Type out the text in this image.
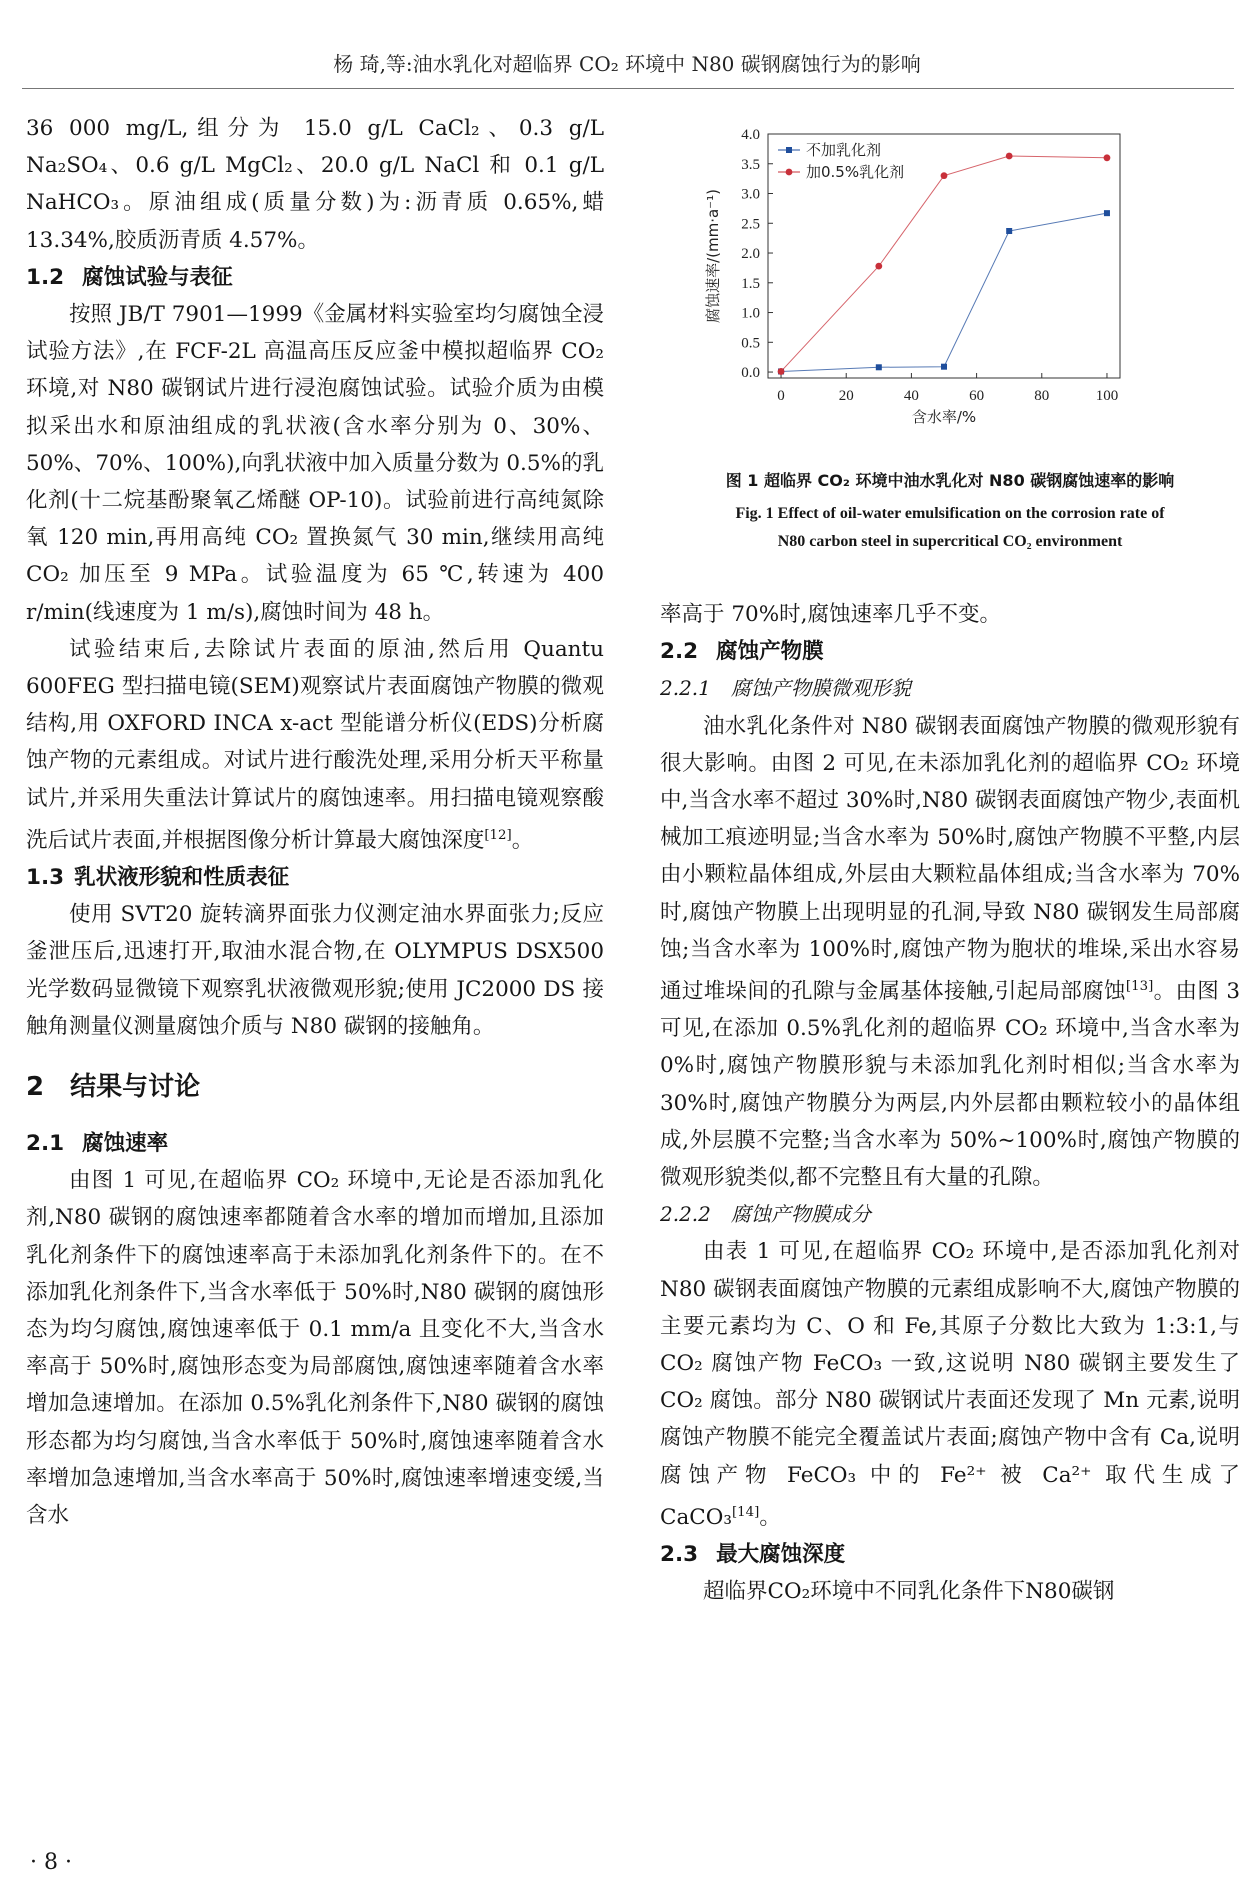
杨 琦,等:油水乳化对超临界 CO₂ 环境中 N80 碳钢腐蚀行为的影响

36 000 mg/L,组分为 15.0 g/L CaCl₂、0.3 g/L Na₂SO₄、0.6 g/L MgCl₂、20.0 g/L NaCl 和 0.1 g/L NaHCO₃。原油组成(质量分数)为:沥青质 0.65%,蜡 13.34%,胶质沥青质 4.57%。

1.2 腐蚀试验与表征

按照 JB/T 7901—1999《金属材料实验室均匀腐蚀全浸试验方法》,在 FCF-2L 高温高压反应釜中模拟超临界 CO₂ 环境,对 N80 碳钢试片进行浸泡腐蚀试验。试验介质为由模拟采出水和原油组成的乳状液(含水率分别为 0、30%、50%、70%、100%),向乳状液中加入质量分数为 0.5%的乳化剂(十二烷基酚聚氧乙烯醚 OP-10)。试验前进行高纯氮除氧 120 min,再用高纯 CO₂ 置换氮气 30 min,继续用高纯 CO₂ 加压至 9 MPa。试验温度为 65 ℃,转速为 400 r/min(线速度为 1 m/s),腐蚀时间为 48 h。

试验结束后,去除试片表面的原油,然后用 Quantu 600FEG 型扫描电镜(SEM)观察试片表面腐蚀产物膜的微观结构,用 OXFORD INCA x-act 型能谱分析仪(EDS)分析腐蚀产物的元素组成。对试片进行酸洗处理,采用分析天平称量试片,并采用失重法计算试片的腐蚀速率。用扫描电镜观察酸洗后试片表面,并根据图像分析计算最大腐蚀深度[12]。

1.3 乳状液形貌和性质表征

使用 SVT20 旋转滴界面张力仪测定油水界面张力;反应釜泄压后,迅速打开,取油水混合物,在 OLYMPUS DSX500 光学数码显微镜下观察乳状液微观形貌;使用 JC2000 DS 接触角测量仪测量腐蚀介质与 N80 碳钢的接触角。

2 结果与讨论
2.1 腐蚀速率

由图 1 可见,在超临界 CO₂ 环境中,无论是否添加乳化剂,N80 碳钢的腐蚀速率都随着含水率的增加而增加,且添加乳化剂条件下的腐蚀速率高于未添加乳化剂条件下的。在不添加乳化剂条件下,当含水率低于 50%时,N80 碳钢的腐蚀形态为均匀腐蚀,腐蚀速率低于 0.1 mm/a 且变化不大,当含水率高于 50%时,腐蚀形态变为局部腐蚀,腐蚀速率随着含水率增加急速增加。在添加 0.5%乳化剂条件下,N80 碳钢的腐蚀形态都为均匀腐蚀,当含水率低于 50%时,腐蚀速率随着含水率增加急速增加,当含水率高于 50%时,腐蚀速率增速变缓,当含水

0.0
0.5
1.0
1.5
2.0
2.5
3.0
3.5
4.0
0	20	40	60	80	100
含水率/%
腐蚀速率/(mm·a⁻¹)
不加乳化剂
加0.5%乳化剂
图 1 超临界 CO₂ 环境中油水乳化对 N80 碳钢腐蚀速率的影响
Fig. 1 Effect of oil-water emulsification on the corrosion rate of
N80 carbon steel in supercritical CO₂ environment

率高于 70%时,腐蚀速率几乎不变。

2.2 腐蚀产物膜
2.2.1 腐蚀产物膜微观形貌

油水乳化条件对 N80 碳钢表面腐蚀产物膜的微观形貌有很大影响。由图 2 可见,在未添加乳化剂的超临界 CO₂ 环境中,当含水率不超过 30%时,N80 碳钢表面腐蚀产物少,表面机械加工痕迹明显;当含水率为 50%时,腐蚀产物膜不平整,内层由小颗粒晶体组成,外层由大颗粒晶体组成;当含水率为 70%时,腐蚀产物膜上出现明显的孔洞,导致 N80 碳钢发生局部腐蚀;当含水率为 100%时,腐蚀产物为胞状的堆垛,采出水容易通过堆垛间的孔隙与金属基体接触,引起局部腐蚀[13]。由图 3 可见,在添加 0.5%乳化剂的超临界 CO₂ 环境中,当含水率为 0%时,腐蚀产物膜形貌与未添加乳化剂时相似;当含水率为 30%时,腐蚀产物膜分为两层,内外层都由颗粒较小的晶体组成,外层膜不完整;当含水率为 50%~100%时,腐蚀产物膜的微观形貌类似,都不完整且有大量的孔隙。

2.2.2 腐蚀产物膜成分

由表 1 可见,在超临界 CO₂ 环境中,是否添加乳化剂对 N80 碳钢表面腐蚀产物膜的元素组成影响不大,腐蚀产物膜的主要元素均为 C、O 和 Fe,其原子分数比大致为 1:3:1,与 CO₂ 腐蚀产物 FeCO₃ 一致,这说明 N80 碳钢主要发生了 CO₂ 腐蚀。部分 N80 碳钢试片表面还发现了 Mn 元素,说明腐蚀产物膜不能完全覆盖试片表面;腐蚀产物中含有 Ca,说明腐蚀产物 FeCO₃ 中的 Fe²⁺ 被 Ca²⁺ 取代生成了 CaCO₃[14]。

2.3 最大腐蚀深度

超临界CO₂环境中不同乳化条件下N80碳钢

· 8 ·
